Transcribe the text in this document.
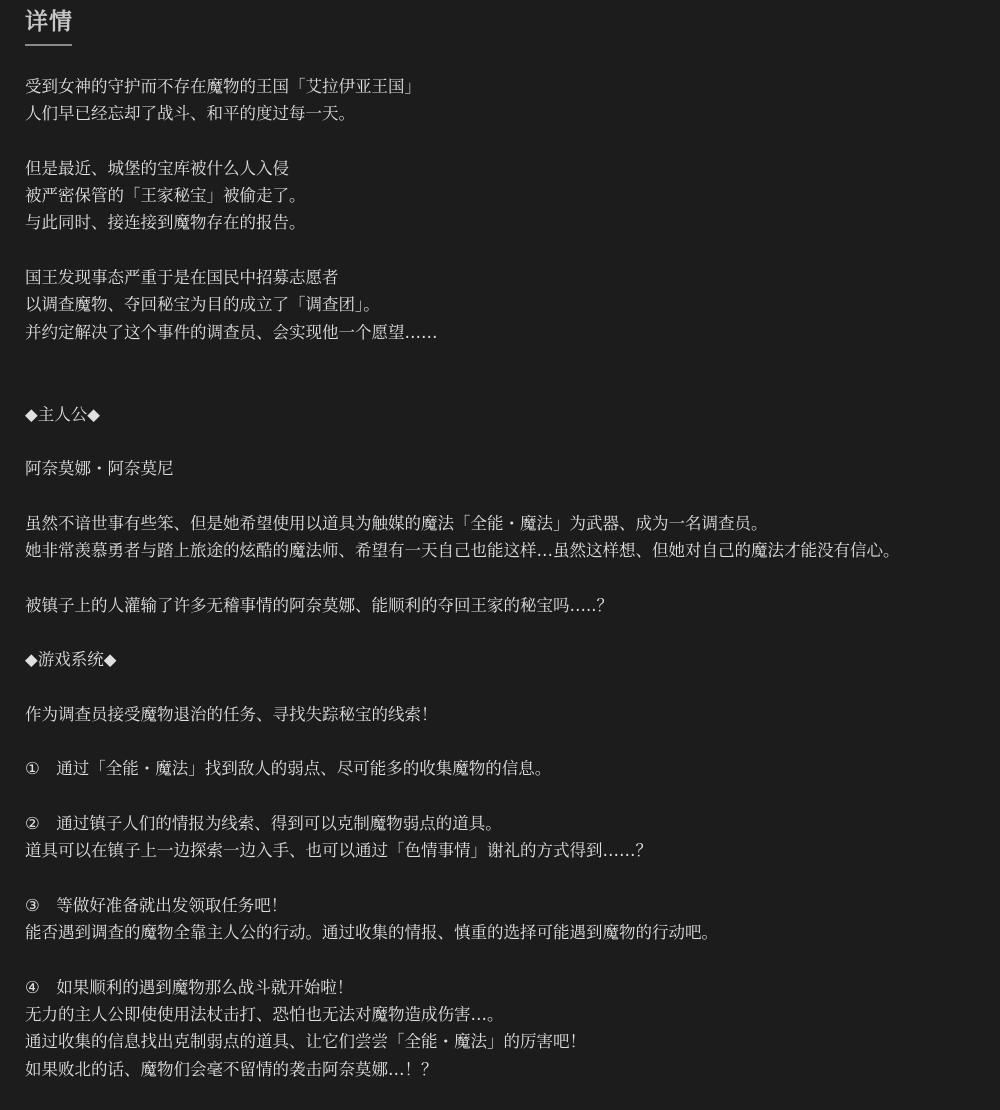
详情
受到女神的守护而不存在魔物的王国「艾拉伊亚王国」
人们早已经忘却了战斗、和平的度过每一天。
但是最近、城堡的宝库被什么人入侵
被严密保管的「王家秘宝」被偷走了。
与此同时、接连接到魔物存在的报告。
国王发现事态严重于是在国民中招募志愿者
以调查魔物、夺回秘宝为目的成立了「调查团」。
并约定解决了这个事件的调查员、会实现他一个愿望……
◆主人公◆
阿奈莫娜・阿奈莫尼
虽然不谙世事有些笨、但是她希望使用以道具为触媒的魔法「全能・魔法」为武器、成为一名调查员。
她非常羡慕勇者与踏上旅途的炫酷的魔法师、希望有一天自己也能这样…虽然这样想、但她对自己的魔法才能没有信心。
被镇子上的人灌输了许多无稽事情的阿奈莫娜、能顺利的夺回王家的秘宝吗…..？
◆游戏系统◆
作为调查员接受魔物退治的任务、寻找失踪秘宝的线索！
①　通过「全能・魔法」找到敌人的弱点、尽可能多的收集魔物的信息。
②　通过镇子人们的情报为线索、得到可以克制魔物弱点的道具。
道具可以在镇子上一边探索一边入手、也可以通过「色情事情」谢礼的方式得到……？
③　等做好准备就出发领取任务吧！
能否遇到调查的魔物全靠主人公的行动。通过收集的情报、慎重的选择可能遇到魔物的行动吧。
④　如果顺利的遇到魔物那么战斗就开始啦！
无力的主人公即使使用法杖击打、恐怕也无法对魔物造成伤害…。
通过收集的信息找出克制弱点的道具、让它们尝尝「全能・魔法」的厉害吧！
如果败北的话、魔物们会毫不留情的袭击阿奈莫娜…！？
